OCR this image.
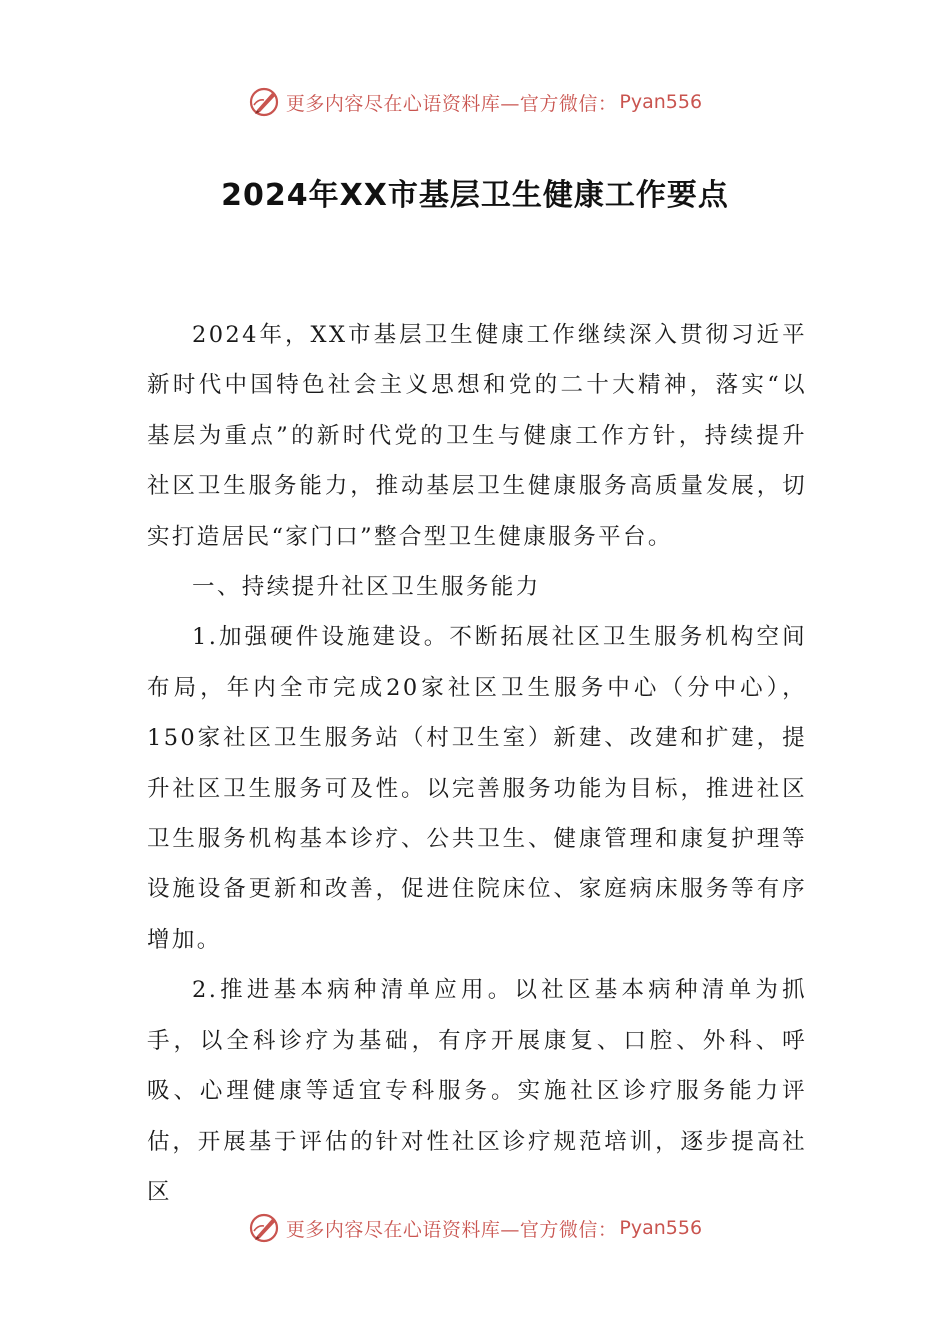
更多内容尽在心语资料库—官方微信： Pyan556
2024年XX市基层卫生健康工作要点

2024年，XX市基层卫生健康工作继续深入贯彻习近平新时代中国特色社会主义思想和党的二十大精神，落实“以基层为重点”的新时代党的卫生与健康工作方针，持续提升社区卫生服务能力，推动基层卫生健康服务高质量发展，切实打造居民“家门口”整合型卫生健康服务平台。

一、持续提升社区卫生服务能力

1.加强硬件设施建设。不断拓展社区卫生服务机构空间布局，年内全市完成20家社区卫生服务中心（分中心），150家社区卫生服务站（村卫生室）新建、改建和扩建，提升社区卫生服务可及性。以完善服务功能为目标，推进社区卫生服务机构基本诊疗、公共卫生、健康管理和康复护理等设施设备更新和改善，促进住院床位、家庭病床服务等有序增加。

2.推进基本病种清单应用。以社区基本病种清单为抓手，以全科诊疗为基础，有序开展康复、口腔、外科、呼吸、心理健康等适宜专科服务。实施社区诊疗服务能力评估，开展基于评估的针对性社区诊疗规范培训，逐步提高社区

更多内容尽在心语资料库—官方微信： Pyan556
